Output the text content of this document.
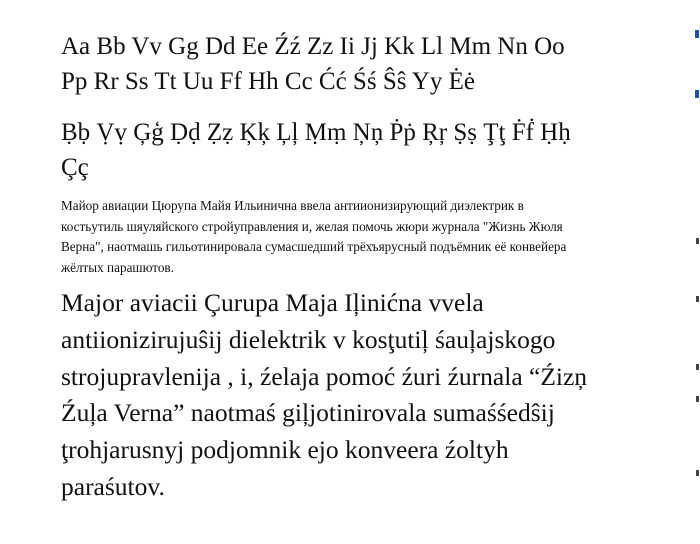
Aa Bb Vv Gg Dd Ee Źź Zz Ii Jj Kk Ll Mm Nn Oo
Pp Rr Ss Tt Uu Ff Hh Cc Ćć Śś Ŝŝ Yy Ėė
Ḅḅ Ṿṿ Ģģ Ḍḍ Ẓẓ Ķķ Ļļ Ṃṃ Ņņ Ṗṗ Ŗŗ Ṣṣ Ţţ Ḟḟ Ḥḥ
Çç
Майор авиации Цюрупа Майя Ильинична ввела антиионизирующий диэлектрик в
костьутиль шяуляйского стройуправления и, желая помочь жюри журнала "Жизнь Жюля
Верна", наотмашь гильотинировала сумасшедший трёхъярусный подъёмник её конвейера
жёлтых парашютов.
Major aviacii Çurupa Maja Iļinićna vvela
antiionizirujuŝij dielektrik v kosţutiļ śauļajskogo
strojupravlenija , i, źelaja pomoć źuri źurnala “Źizņ
Źuļa Verna” naotmaś giļjotinirovala sumaśśedŝij
ţrohjarusnyj podjomnik ejo konveera źoltyh
paraśutov.
